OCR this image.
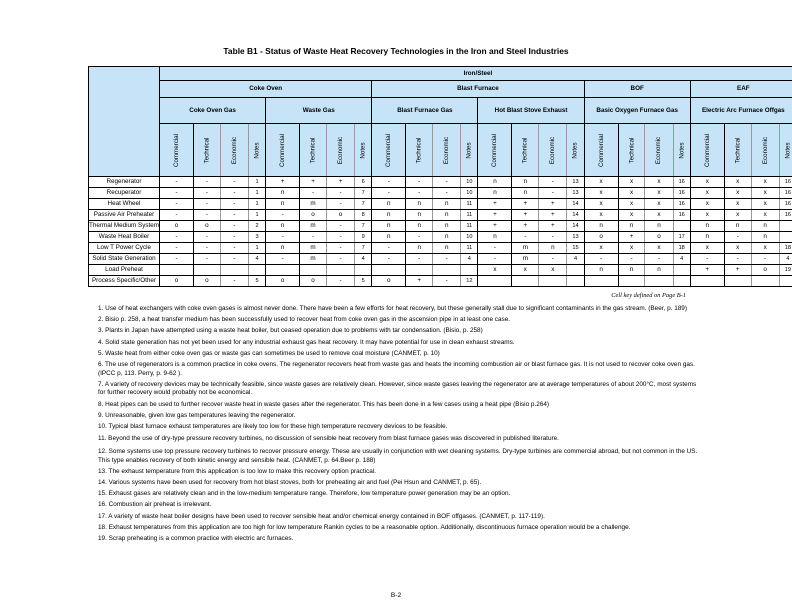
Table B1 - Status of Waste Heat Recovery Technologies in the Iron and Steel Industries
	Iron/Steel																							
	Coke Oven								Blast Furnace								BOF				EAF			
	Coke Oven Gas				Waste Gas				Blast Furnace Gas				Hot Blast Stove Exhaust				Basic Oxygen Furnace Gas				Electric Arc Furnace Offgas			
	Commercial	Technical	Economic	Notes	Commercial	Technical	Economic	Notes	Commercial	Technical	Economic	Notes	Commercial	Technical	Economic	Notes	Commercial	Technical	Economic	Notes	Commercial	Technical	Economic	Notes
Regenerator	-	-	-	1	+	+	+	6	-	-	-	10	n	n	-	13	x	x	x	16	x	x	x	16
Recuperator	-	-	-	1	n	-	-	7	-	-	-	10	n	n	-	13	x	x	x	16	x	x	x	16
Heat Wheel	-	-	-	1	n	m	-	7	n	n	n	11	+	+	+	14	x	x	x	16	x	x	x	16
Passive Air Preheater	-	-	-	1	-	o	o	8	n	n	n	11	+	+	+	14	x	x	x	16	x	x	x	16
Thermal Medium System	o	o	-	2	n	m	-	7	n	n	n	11	+	+	+	14	n	n	n		n	n	n	
Waste Heat Boiler	-	-	-	3	-	-	-	9	n	-	n	10	n	-	-	13	o	+	o	17	n	-	n	
Low T Power Cycle	-	-	-	1	n	m	-	7	-	n	n	11	-	m	n	15	x	x	x	18	x	x	x	18
Solid State Generation	-	-	-	4	-	m	-	4	-	-	-	4	-	m	-	4	-	-	-	4	-	-	-	4
Load Preheat													x	x	x		n	n	n		+	+	o	19
Process Specific/Other	o	o	-	5	o	o	-	5	o	+	-	12												
Cell key defined on Page B-1

1. Use of heat exchangers with coke oven gases is almost never done. There have been a few efforts for heat recovery, but these generally stall due to significant contaminants in the gas stream. (Beer, p. 189)

2. Bisio p. 258, a heat transfer medium has been successfully used to recover heat from coke oven gas in the ascension pipe in at least one case.

3. Plants in Japan have attempted using a waste heat boiler, but ceased operation due to problems with tar condensation. (Bisio, p. 258)

4. Solid state generation has not yet been used for any industrial exhaust gas heat recovery. It may have potential for use in clean exhaust streams.

5. Waste heat from either coke oven gas or waste gas can sometimes be used to remove coal moisture (CANMET, p. 10)

6. The use of regenerators is a common practice in coke ovens. The regenerator recovers heat from waste gas and heats the incoming combustion air or blast furnace gas. It is not used to recover coke oven gas. (IPCC p, 113. Perry, p. 9-62 ).

7. A variety of recovery devices may be technically feasible, since waste gases are relatively clean. However, since waste gases leaving the regenerator are at average temperatures of about 200°C, most systems for further recovery would probably not be economical.

8. Heat pipes can be used to further recover waste heat in waste gases after the regenerator. This has been done in a few cases using a heat pipe (Bisio p.264)

9. Unreasonable, given low gas temperatures leaving the regenerator.

10. Typical blast furnace exhaust temperatures are likely too low for these high temperature recovery devices to be feasible.

11. Beyond the use of dry-type pressure recovery turbines, no discussion of sensible heat recovery from blast furnace gases was discovered in published literature.

12. Some systems use top pressure recovery turbines to recover pressure energy. These are usually in conjunction with wet cleaning systems. Dry-type turbines are commercial abroad, but not common in the US. This type enables recovery of both kinetic energy and sensible heat. (CANMET, p. 64.Beer p. 188)

13. The exhaust temperature from this application is too low to make this recovery option practical.

14. Various systems have been used for recovery from hot blast stoves, both for preheating air and fuel (Pei Hsun and CANMET, p. 65).

15. Exhaust gases are relatively clean and in the low-medium temperature range. Therefore, low temperature power generation may be an option.

16. Combustion air preheat is irrelevant.

17. A variety of waste heat boiler designs have been used to recover sensible heat and/or chemical energy contained in BOF offgases. (CANMET, p. 117-119).

18. Exhaust temperatures from this application are too high for low temperature Rankin cycles to be a reasonable option. Additionally, discontinuous furnace operation would be a challenge.

19. Scrap preheating is a common practice with electric arc furnaces.

B-2
